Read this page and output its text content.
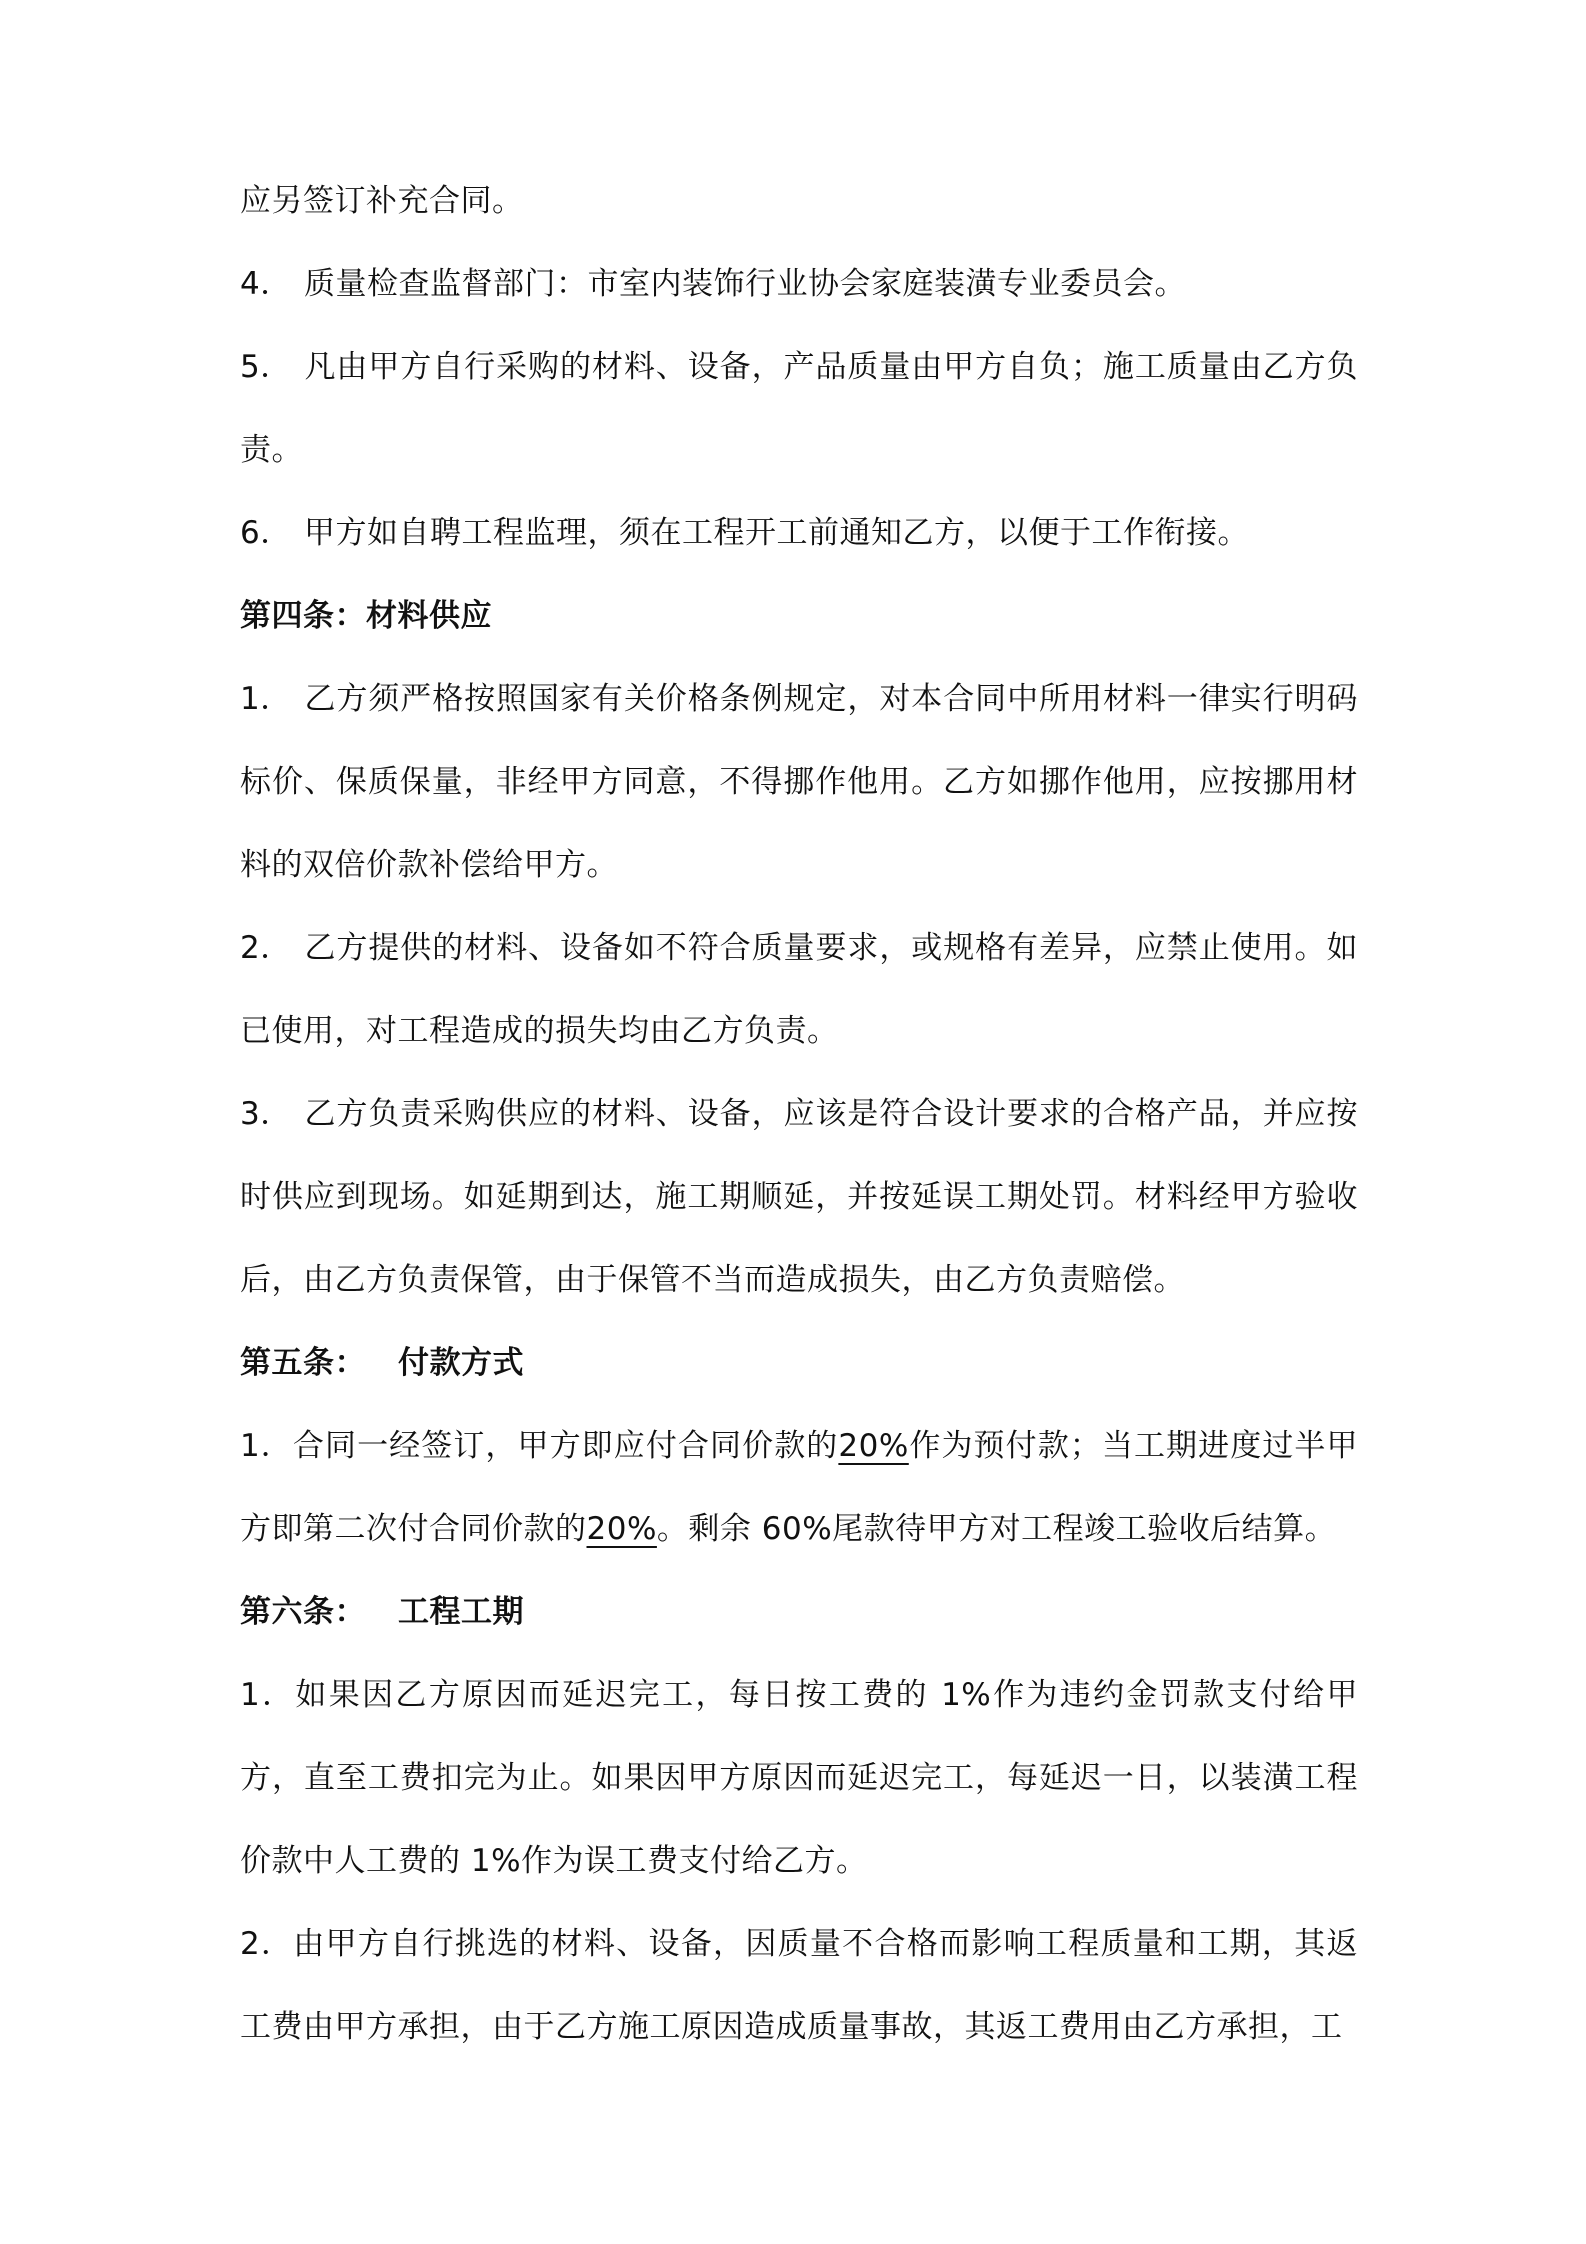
应另签订补充合同。

4． 质量检查监督部门：市室内装饰行业协会家庭装潢专业委员会。

5． 凡由甲方自行采购的材料、设备，产品质量由甲方自负；施工质量由乙方负责。

6． 甲方如自聘工程监理，须在工程开工前通知乙方，以便于工作衔接。

第四条：材料供应

1． 乙方须严格按照国家有关价格条例规定，对本合同中所用材料一律实行明码标价、保质保量，非经甲方同意，不得挪作他用。乙方如挪作他用，应按挪用材料的双倍价款补偿给甲方。

2． 乙方提供的材料、设备如不符合质量要求，或规格有差异，应禁止使用。如已使用，对工程造成的损失均由乙方负责。

3． 乙方负责采购供应的材料、设备，应该是符合设计要求的合格产品，并应按时供应到现场。如延期到达，施工期顺延，并按延误工期处罚。材料经甲方验收后，由乙方负责保管，由于保管不当而造成损失，由乙方负责赔偿。

第五条： 付款方式

1．合同一经签订，甲方即应付合同价款的20%作为预付款；当工期进度过半甲方即第二次付合同价款的20%。剩余 60%尾款待甲方对工程竣工验收后结算。

第六条： 工程工期

1．如果因乙方原因而延迟完工，每日按工费的 1%作为违约金罚款支付给甲方，直至工费扣完为止。如果因甲方原因而延迟完工，每延迟一日，以装潢工程价款中人工费的 1%作为误工费支付给乙方。

2．由甲方自行挑选的材料、设备，因质量不合格而影响工程质量和工期，其返工费由甲方承担，由于乙方施工原因造成质量事故，其返工费用由乙方承担，工
